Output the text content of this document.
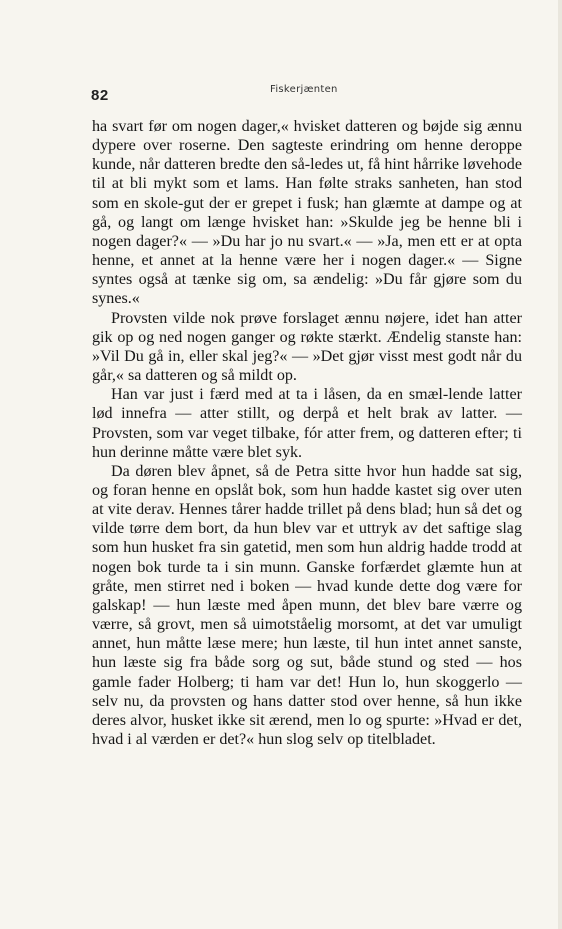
82	Fiskerjænten

ha svart før om nogen dager,« hvisket datteren og bøjde sig ænnu dypere over roserne. Den sagteste erindring om henne deroppe kunde, når datteren bredte den så-ledes ut, få hint hårrike løvehode til at bli mykt som et lams. Han følte straks sanheten, han stod som en skole-gut der er grepet i fusk; han glæmte at dampe og at gå, og langt om længe hvisket han: »Skulde jeg be henne bli i nogen dager?« — »Du har jo nu svart.« — »Ja, men ett er at opta henne, et annet at la henne være her i nogen dager.« — Signe syntes også at tænke sig om, sa ændelig: »Du får gjøre som du synes.«

Provsten vilde nok prøve forslaget ænnu nøjere, idet han atter gik op og ned nogen ganger og røkte stærkt. Ændelig stanste han: »Vil Du gå in, eller skal jeg?« — »Det gjør visst mest godt når du går,« sa datteren og så mildt op.

Han var just i færd med at ta i låsen, da en smæl-lende latter lød innefra — atter stillt, og derpå et helt brak av latter. — Provsten, som var veget tilbake, fór atter frem, og datteren efter; ti hun derinne måtte være blet syk.

Da døren blev åpnet, så de Petra sitte hvor hun hadde sat sig, og foran henne en opslåt bok, som hun hadde kastet sig over uten at vite derav. Hennes tårer hadde trillet på dens blad; hun så det og vilde tørre dem bort, da hun blev var et uttryk av det saftige slag som hun husket fra sin gatetid, men som hun aldrig hadde trodd at nogen bok turde ta i sin munn. Ganske forfærdet glæmte hun at gråte, men stirret ned i boken — hvad kunde dette dog være for galskap! — hun læste med åpen munn, det blev bare værre og værre, så grovt, men så uimotståelig morsomt, at det var umuligt annet, hun måtte læse mere; hun læste, til hun intet annet sanste, hun læste sig fra både sorg og sut, både stund og sted — hos gamle fader Holberg; ti ham var det! Hun lo, hun skoggerlo — selv nu, da provsten og hans datter stod over henne, så hun ikke deres alvor, husket ikke sit ærend, men lo og spurte: »Hvad er det, hvad i al værden er det?« hun slog selv op titelbladet.
